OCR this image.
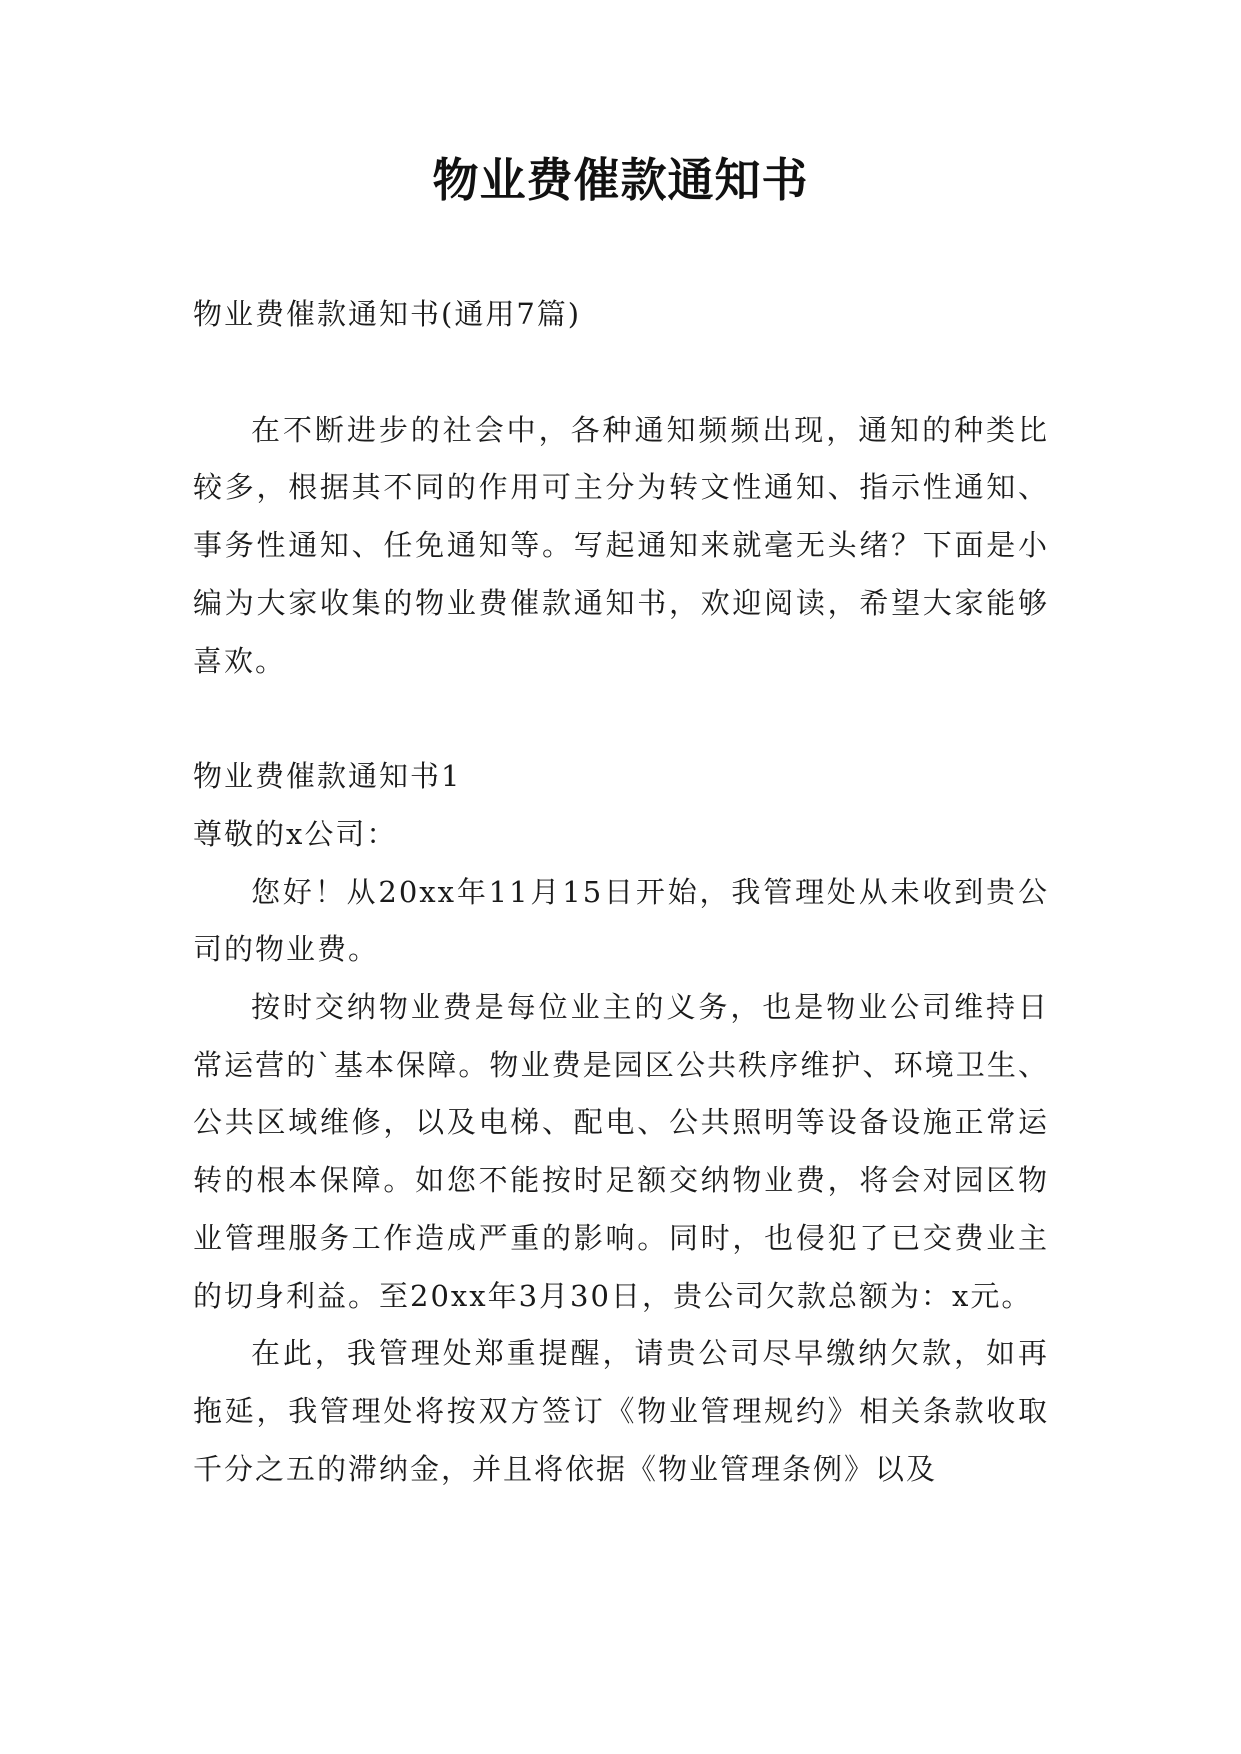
物业费催款通知书

物业费催款通知书(通用7篇)

在不断进步的社会中，各种通知频频出现，通知的种类比较多，根据其不同的作用可主分为转文性通知、指示性通知、事务性通知、任免通知等。写起通知来就毫无头绪？下面是小编为大家收集的物业费催款通知书，欢迎阅读，希望大家能够喜欢。

物业费催款通知书1

尊敬的x公司：

您好！从20xx年11月15日开始，我管理处从未收到贵公司的物业费。

按时交纳物业费是每位业主的义务，也是物业公司维持日常运营的`基本保障。物业费是园区公共秩序维护、环境卫生、公共区域维修，以及电梯、配电、公共照明等设备设施正常运转的根本保障。如您不能按时足额交纳物业费，将会对园区物业管理服务工作造成严重的影响。同时，也侵犯了已交费业主的切身利益。至20xx年3月30日，贵公司欠款总额为：x元。

在此，我管理处郑重提醒，请贵公司尽早缴纳欠款，如再拖延，我管理处将按双方签订《物业管理规约》相关条款收取千分之五的滞纳金，并且将依据《物业管理条例》以及
